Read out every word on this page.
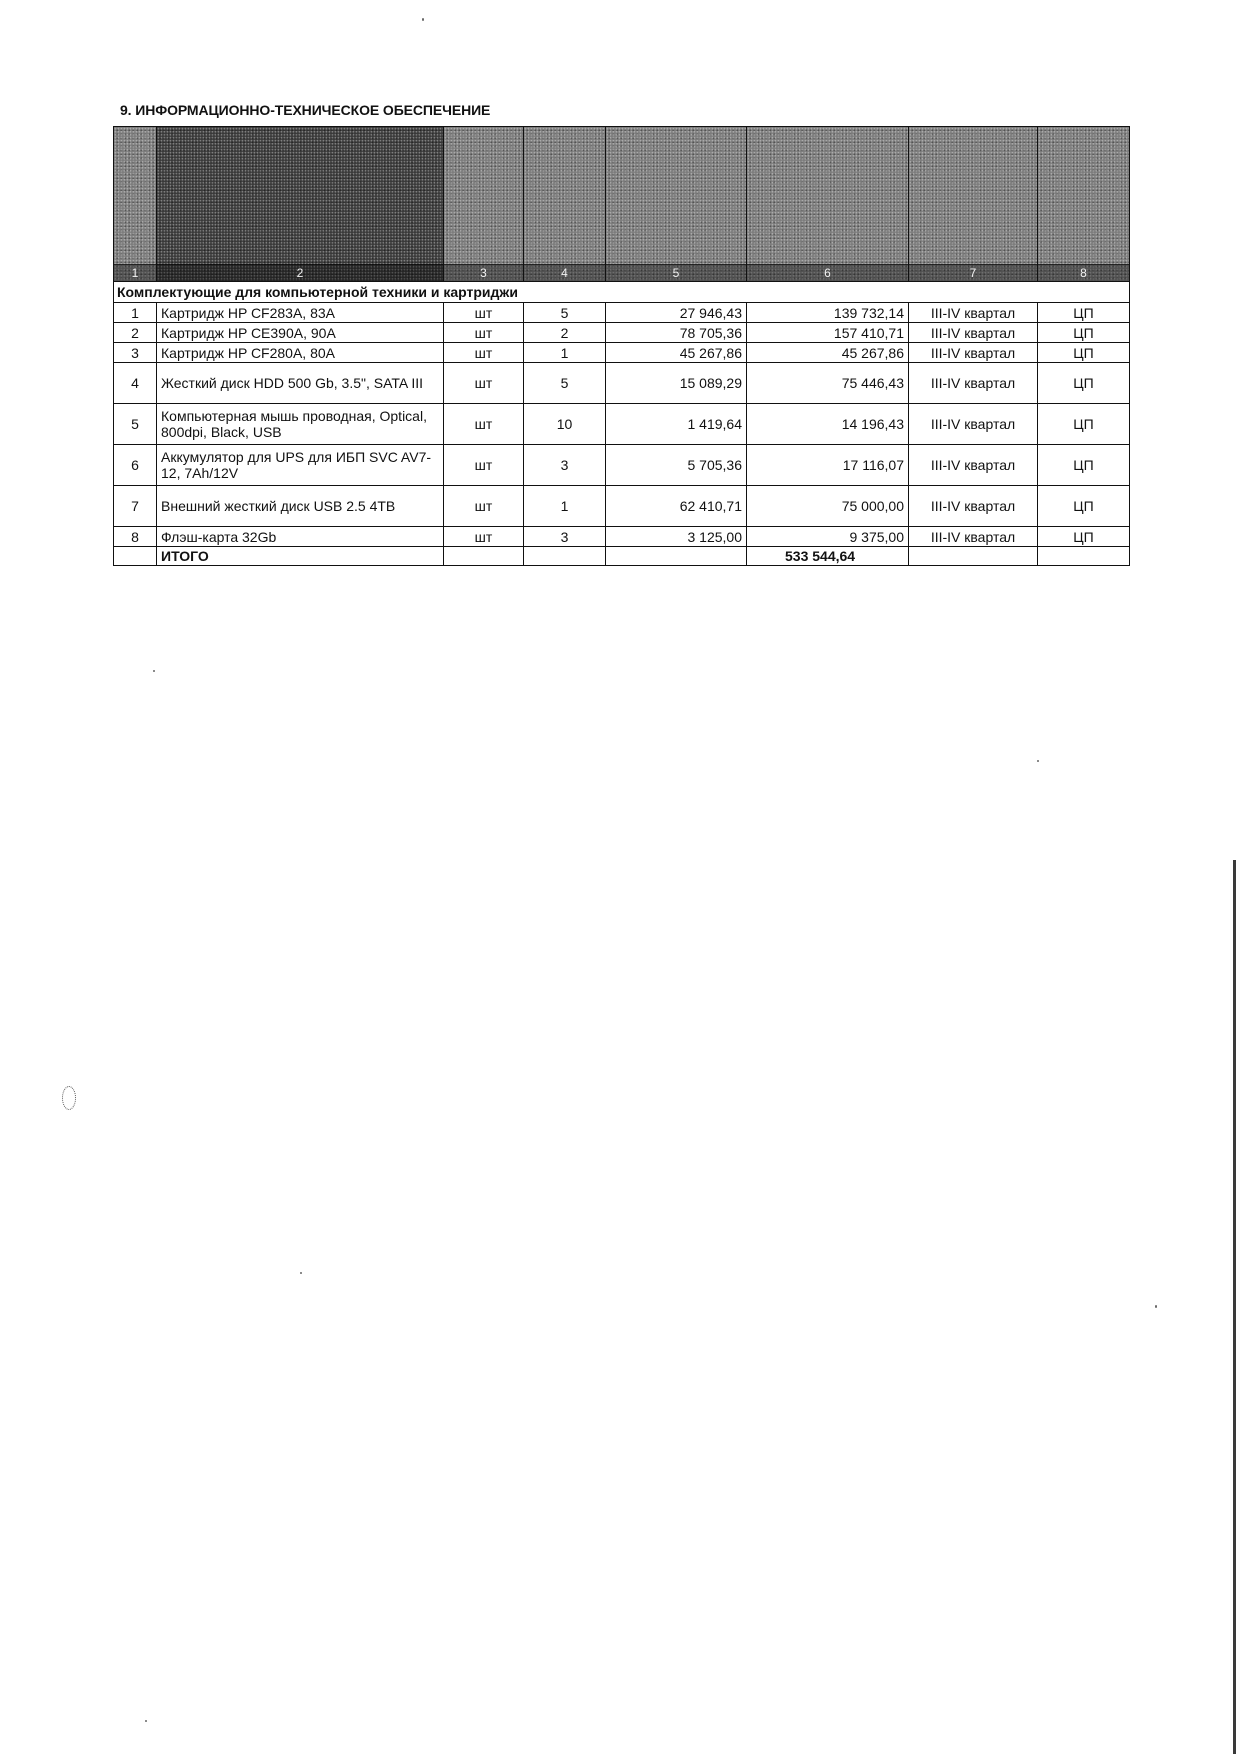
9. ИНФОРМАЦИОННО-ТЕХНИЧЕСКОЕ ОБЕСПЕЧЕНИЕ
1	2	3	4	5	6	7	8

Комплектующие для компьютерной техники и картриджи							
1	Картридж HP CF283A, 83A	шт	5	27 946,43	139 732,14	III-IV квартал	ЦП
2	Картридж HP CE390A, 90A	шт	2	78 705,36	157 410,71	III-IV квартал	ЦП
3	Картридж HP CF280A, 80A	шт	1	45 267,86	45 267,86	III-IV квартал	ЦП
4	Жесткий диск HDD 500 Gb, 3.5", SATA III	шт	5	15 089,29	75 446,43	III-IV квартал	ЦП
5	Компьютерная мышь проводная, Optical, 800dpi, Black, USB	шт	10	1 419,64	14 196,43	III-IV квартал	ЦП
6	Аккумулятор для UPS для ИБП SVC AV7-12, 7Ah/12V	шт	3	5 705,36	17 116,07	III-IV квартал	ЦП
7	Внешний жесткий диск USB 2.5 4TB	шт	1	62 410,71	75 000,00	III-IV квартал	ЦП
8	Флэш-карта 32Gb	шт	3	3 125,00	9 375,00	III-IV квартал	ЦП
	ИТОГО				533 544,64		
